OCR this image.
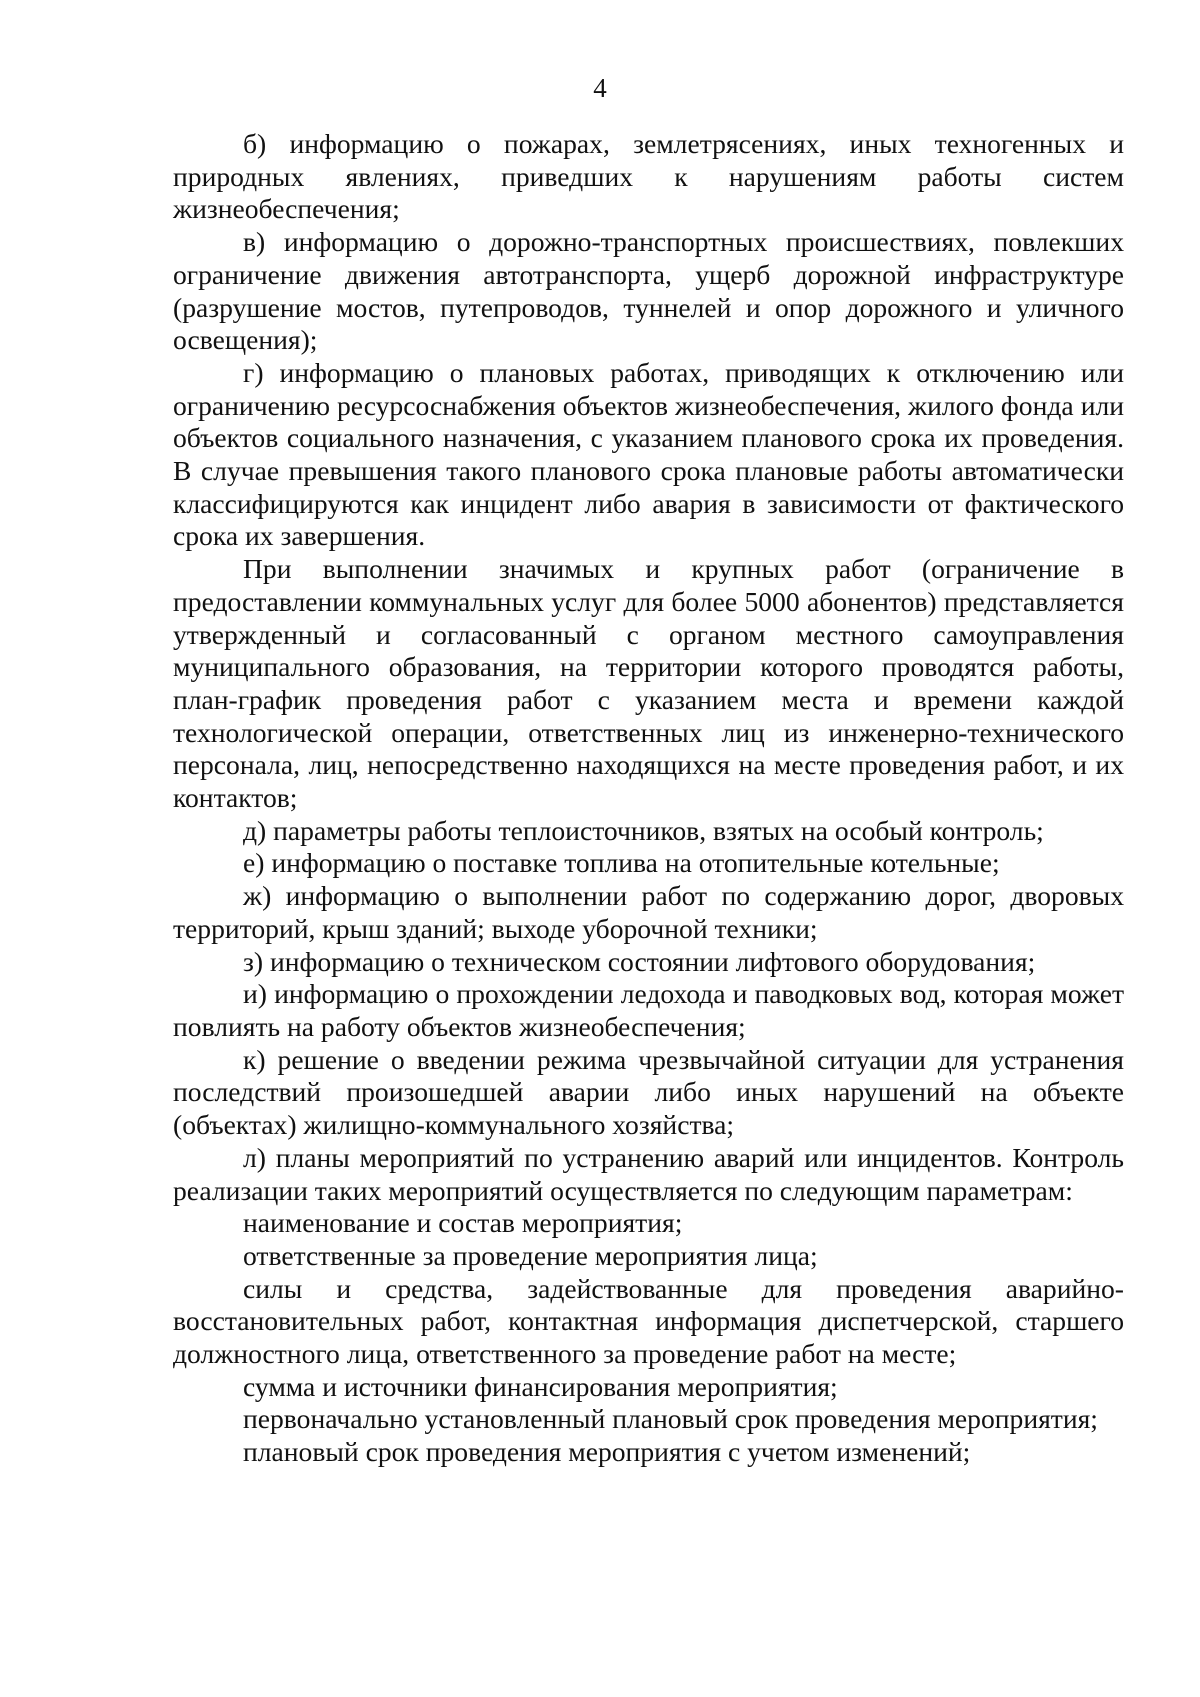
4

б) информацию о пожарах, землетрясениях, иных техногенных и природных явлениях, приведших к нарушениям работы систем жизнеобеспечения;

в) информацию о дорожно-транспортных происшествиях, повлекших ограничение движения автотранспорта, ущерб дорожной инфраструктуре (разрушение мостов, путепроводов, туннелей и опор дорожного и уличного освещения);

г) информацию о плановых работах, приводящих к отключению или ограничению ресурсоснабжения объектов жизнеобеспечения, жилого фонда или объектов социального назначения, с указанием планового срока их проведения. В случае превышения такого планового срока плановые работы автоматически классифицируются как инцидент либо авария в зависимости от фактического срока их завершения.

При выполнении значимых и крупных работ (ограничение в предоставлении коммунальных услуг для более 5000 абонентов) представляется утвержденный и согласованный с органом местного самоуправления муниципального образования, на территории которого проводятся работы, план-график проведения работ с указанием места и времени каждой технологической операции, ответственных лиц из инженерно-технического персонала, лиц, непосредственно находящихся на месте проведения работ, и их контактов;

д) параметры работы теплоисточников, взятых на особый контроль;

е) информацию о поставке топлива на отопительные котельные;

ж) информацию о выполнении работ по содержанию дорог, дворовых территорий, крыш зданий; выходе уборочной техники;

з) информацию о техническом состоянии лифтового оборудования;

и) информацию о прохождении ледохода и паводковых вод, которая может повлиять на работу объектов жизнеобеспечения;

к) решение о введении режима чрезвычайной ситуации для устранения последствий произошедшей аварии либо иных нарушений на объекте (объектах) жилищно-коммунального хозяйства;

л) планы мероприятий по устранению аварий или инцидентов. Контроль реализации таких мероприятий осуществляется по следующим параметрам:

наименование и состав мероприятия;

ответственные за проведение мероприятия лица;

силы и средства, задействованные для проведения аварийно-восстановительных работ, контактная информация диспетчерской, старшего должностного лица, ответственного за проведение работ на месте;

сумма и источники финансирования мероприятия;

первоначально установленный плановый срок проведения мероприятия;

плановый срок проведения мероприятия с учетом изменений;
